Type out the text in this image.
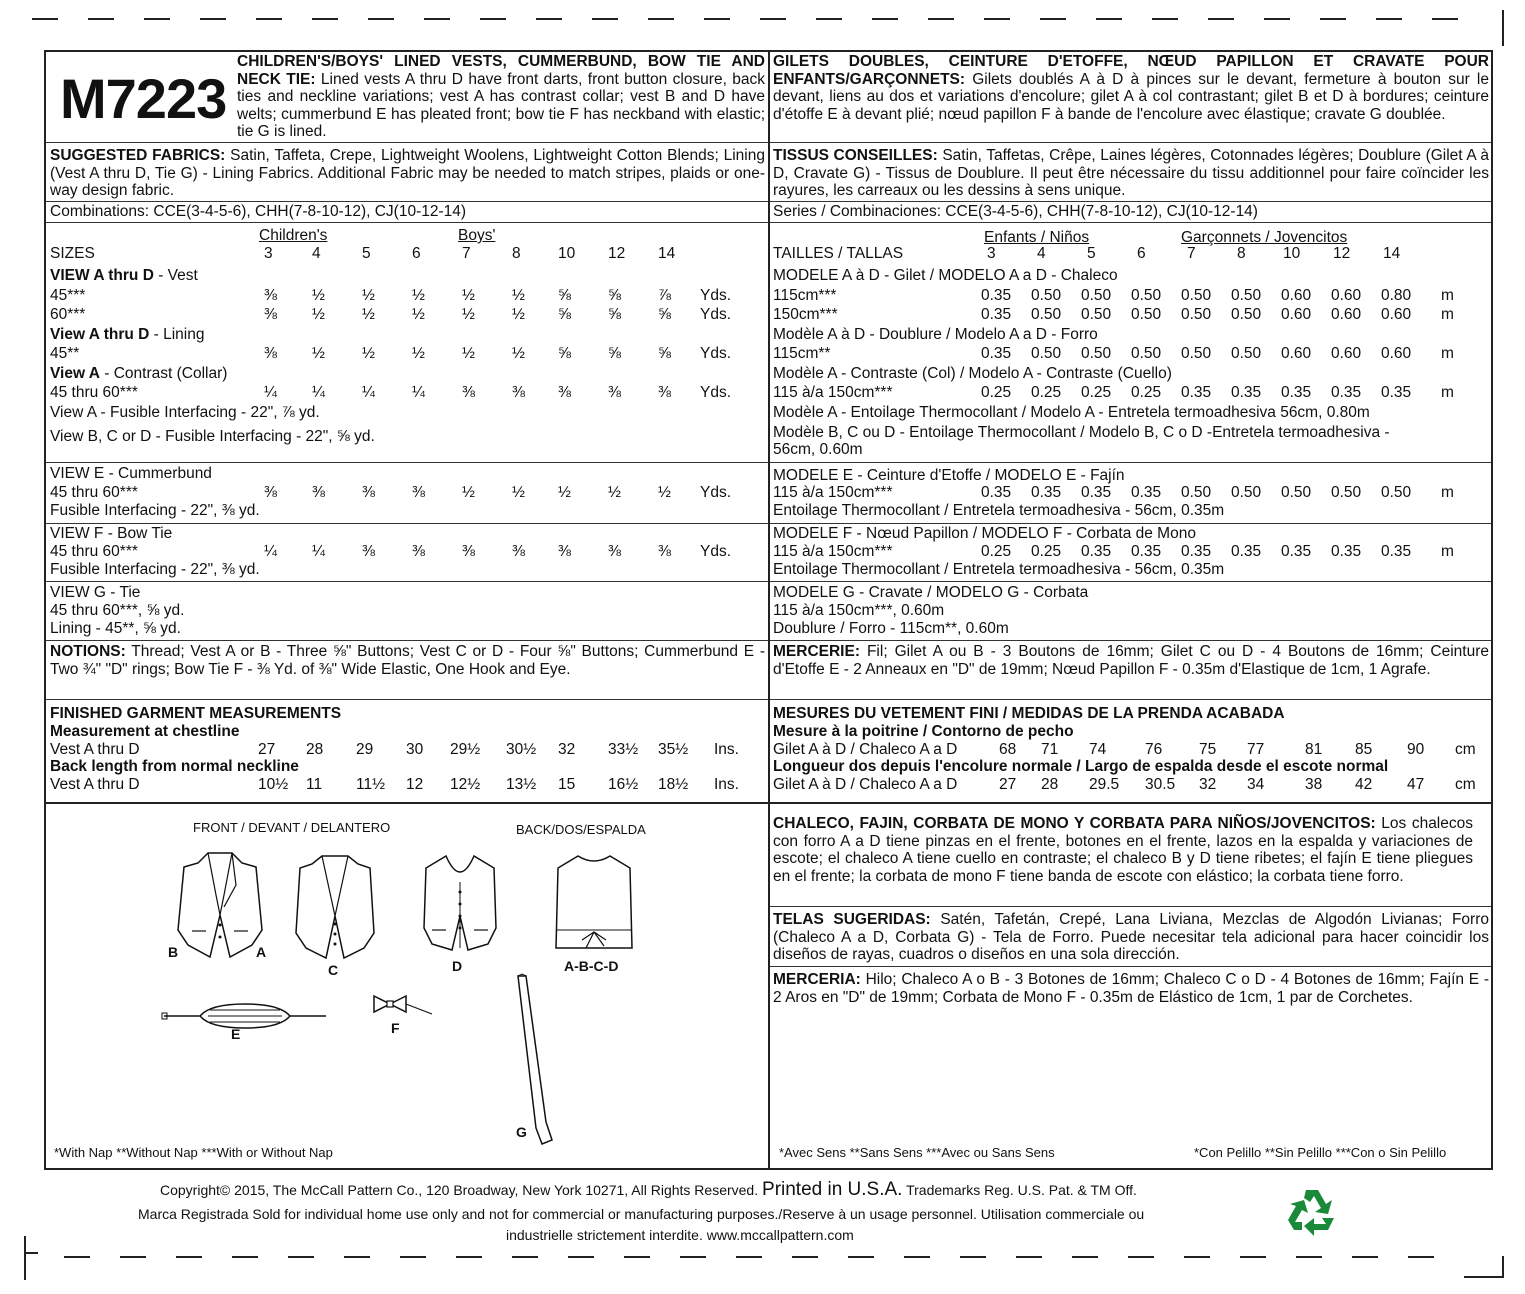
M7223
CHILDREN'S/BOYS' LINED VESTS, CUMMERBUND, BOW TIE AND NECK TIE: Lined vests A thru D have front darts, front button closure, back ties and neckline variations; vest A has contrast collar; vest B and D have welts; cummerbund E has pleated front; bow tie F has neckband with elastic; tie G is lined.
SUGGESTED FABRICS: Satin, Taffeta, Crepe, Lightweight Woolens, Lightweight Cotton Blends; Lining (Vest A thru D, Tie G) - Lining Fabrics. Additional Fabric may be needed to match stripes, plaids or one-way design fabric.
Combinations: CCE(3-4-5-6), CHH(7-8-10-12), CJ(10-12-14)
Children's	Boys'
SIZES	3	4	5	6	7	8 10 12 14
VIEW A thru D - Vest
45***	⅜ ½ ½ ½ ½ ½ ⅝ ⅝ ⅞ Yds.
60***	⅜ ½ ½ ½ ½ ½ ⅝ ⅝ ⅝ Yds.
View A thru D - Lining
45**	⅜ ½ ½ ½ ½ ½ ⅝ ⅝ ⅝ Yds.
View A - Contrast (Collar)
45 thru 60***	¼ ¼ ¼ ¼ ⅜ ⅜ ⅜ ⅜ ⅜ Yds.
View A - Fusible Interfacing - 22", ⅞ yd.
View B, C or D - Fusible Interfacing - 22", ⅝ yd.
VIEW E - Cummerbund
45 thru 60***	⅜ ⅜ ⅜ ⅜ ½ ½ ½ ½ ½ Yds.
Fusible Interfacing - 22", ⅜ yd.
VIEW F - Bow Tie
45 thru 60***	¼ ¼ ⅜ ⅜ ⅜ ⅜ ⅜ ⅜ ⅜ Yds.
Fusible Interfacing - 22", ⅜ yd.
VIEW G - Tie
45 thru 60***, ⅝ yd.
Lining - 45**, ⅝ yd.
NOTIONS: Thread; Vest A or B - Three ⅝" Buttons; Vest C or D - Four ⅝" Buttons; Cummerbund E - Two ¾" "D" rings; Bow Tie F - ⅜ Yd. of ⅜" Wide Elastic, One Hook and Eye.
FINISHED GARMENT MEASUREMENTS
Measurement at chestline
Vest A thru D	27 28 29 30 29½ 30½ 32 33½ 35½ Ins.
Back length from normal neckline
Vest A thru D	10½ 11 11½ 12 12½ 13½ 15 16½ 18½ Ins.
FRONT / DEVANT / DELANTERO	BACK/DOS/ESPALDA
B	A
C	D	A-B-C-D
E	F
G
*With Nap **Without Nap ***With or Without Nap
GILETS DOUBLES, CEINTURE D'ETOFFE, NŒUD PAPILLON ET CRAVATE POUR ENFANTS/GARÇONNETS: Gilets doublés A à D à pinces sur le devant, fermeture à bouton sur le devant, liens au dos et variations d'encolure; gilet A à col contrastant; gilet B et D à bordures; ceinture d'étoffe E à devant plié; nœud papillon F à bande de l'encolure avec élastique; cravate G doublée.
TISSUS CONSEILLES: Satin, Taffetas, Crêpe, Laines légères, Cotonnades légères; Doublure (Gilet A à D, Cravate G) - Tissus de Doublure. Il peut être nécessaire du tissu additionnel pour faire coïncider les rayures, les carreaux ou les dessins à sens unique.
Series / Combinaciones: CCE(3-4-5-6), CHH(7-8-10-12), CJ(10-12-14)
Enfants / Niños	Garçonnets / Jovencitos
TAILLES / TALLAS	3	4	5	6	7	8 10 12 14
MODELE A à D - Gilet / MODELO A a D - Chaleco
115cm***	0.35 0.50 0.50 0.50 0.50 0.50 0.60 0.60 0.80 m
150cm***	0.35 0.50 0.50 0.50 0.50 0.50 0.60 0.60 0.60 m
Modèle A à D - Doublure / Modelo A a D - Forro
115cm**	0.35 0.50 0.50 0.50 0.50 0.50 0.60 0.60 0.60 m
Modèle A - Contraste (Col) / Modelo A - Contraste (Cuello)
115 à/a 150cm***	0.25 0.25 0.25 0.25 0.35 0.35 0.35 0.35 0.35 m
Modèle A - Entoilage Thermocollant / Modelo A - Entretela termoadhesiva 56cm, 0.80m
Modèle B, C ou D - Entoilage Thermocollant / Modelo B, C o D -Entretela termoadhesiva -
56cm, 0.60m
MODELE E - Ceinture d'Etoffe / MODELO E - Fajín
115 à/a 150cm***	0.35 0.35 0.35 0.35 0.50 0.50 0.50 0.50 0.50 m
Entoilage Thermocollant / Entretela termoadhesiva - 56cm, 0.35m
MODELE F - Nœud Papillon / MODELO F - Corbata de Mono
115 à/a 150cm***	0.25 0.25 0.35 0.35 0.35 0.35 0.35 0.35 0.35 m
Entoilage Thermocollant / Entretela termoadhesiva - 56cm, 0.35m
MODELE G - Cravate / MODELO G - Corbata
115 à/a 150cm***, 0.60m
Doublure / Forro - 115cm**, 0.60m
MERCERIE: Fil; Gilet A ou B - 3 Boutons de 16mm; Gilet C ou D - 4 Boutons de 16mm; Ceinture d'Etoffe E - 2 Anneaux en "D" de 19mm; Nœud Papillon F - 0.35m d'Elastique de 1cm, 1 Agrafe.
MESURES DU VETEMENT FINI / MEDIDAS DE LA PRENDA ACABADA
Mesure à la poitrine / Contorno de pecho
Gilet A à D / Chaleco A a D	68 71 74	76 75 77	81 85 90 cm
Longueur dos depuis l'encolure normale / Largo de espalda desde el escote normal
Gilet A à D / Chaleco A a D	27 28 29.5 30.5 32 34	38 42 47 cm
CHALECO, FAJIN, CORBATA DE MONO Y CORBATA PARA NIÑOS/JOVENCITOS: Los chalecos con forro A a D tiene pinzas en el frente, botones en el frente, lazos en la espalda y variaciones de escote; el chaleco A tiene cuello en contraste; el chaleco B y D tiene ribetes; el fajín E tiene pliegues en el frente; la corbata de mono F tiene banda de escote con elástico; la corbata tiene forro.
TELAS SUGERIDAS: Satén, Tafetán, Crepé, Lana Liviana, Mezclas de Algodón Livianas; Forro (Chaleco A a D, Corbata G) - Tela de Forro. Puede necesitar tela adicional para hacer coincidir los diseños de rayas, cuadros o diseños en una sola dirección.
MERCERIA: Hilo; Chaleco A o B - 3 Botones de 16mm; Chaleco C o D - 4 Botones de 16mm; Fajín E - 2 Aros en "D" de 19mm; Corbata de Mono F - 0.35m de Elástico de 1cm, 1 par de Corchetes.
*Avec Sens **Sans Sens ***Avec ou Sans Sens	*Con Pelillo **Sin Pelillo ***Con o Sin Pelillo
Copyright© 2015, The McCall Pattern Co., 120 Broadway, New York 10271, All Rights Reserved. Printed in U.S.A. Trademarks Reg. U.S. Pat. & TM Off.
Marca Registrada Sold for individual home use only and not for commercial or manufacturing purposes./Reserve à un usage personnel. Utilisation commerciale ou
industrielle strictement interdite. www.mccallpattern.com
